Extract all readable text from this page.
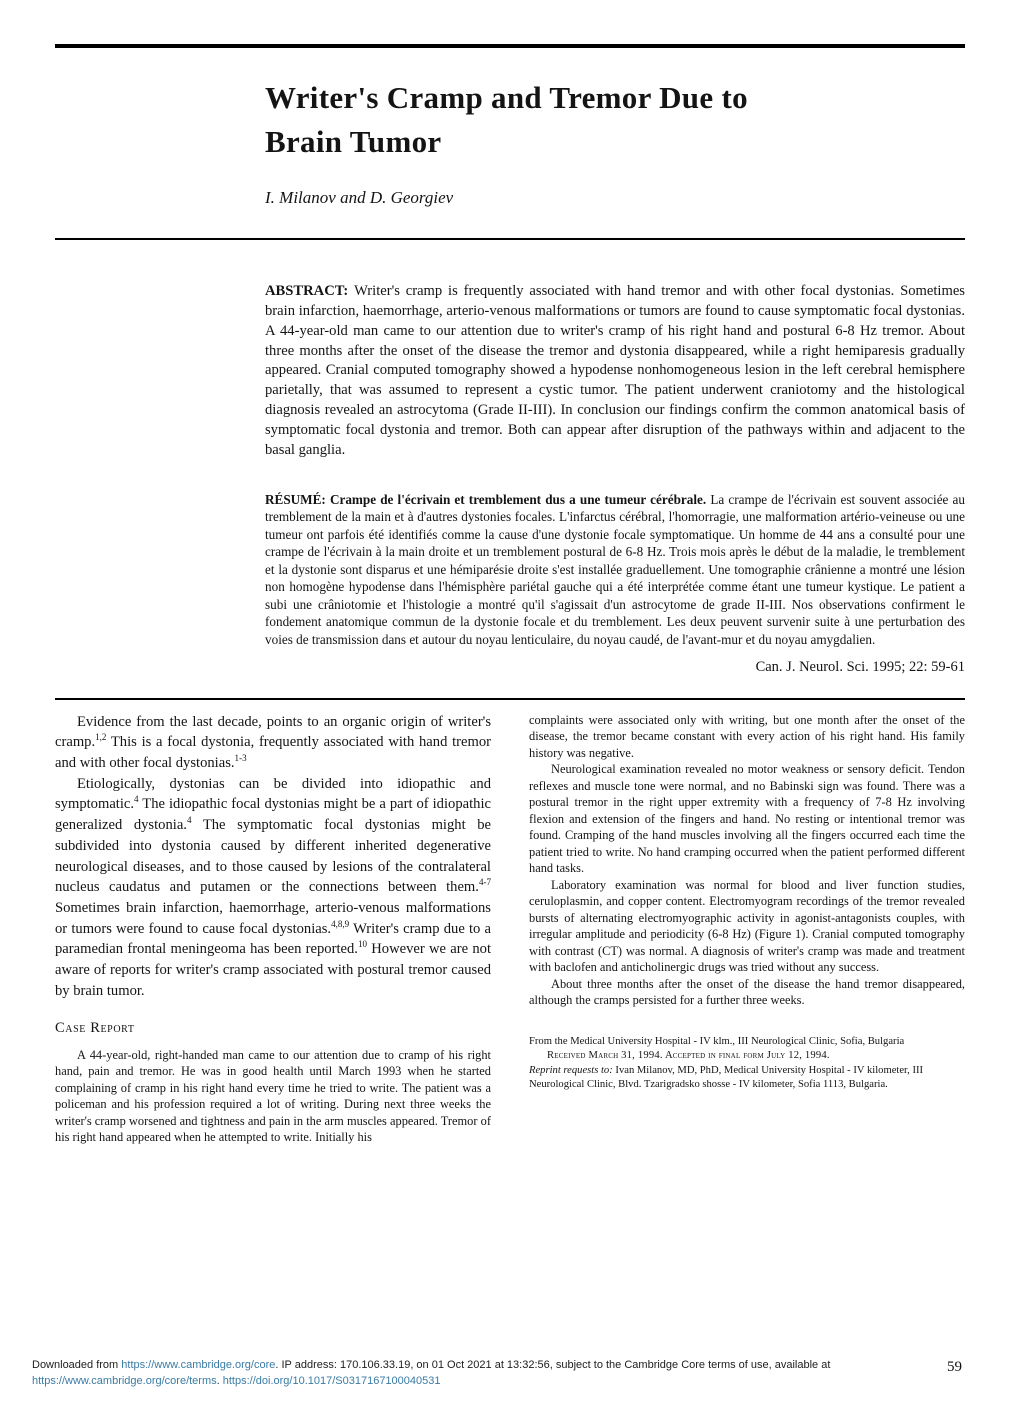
Writer's Cramp and Tremor Due to
Brain Tumor
I. Milanov and D. Georgiev

ABSTRACT: Writer's cramp is frequently associated with hand tremor and with other focal dystonias. Sometimes brain infarction, haemorrhage, arterio-venous malformations or tumors are found to cause symptomatic focal dystonias. A 44-year-old man came to our attention due to writer's cramp of his right hand and postural 6-8 Hz tremor. About three months after the onset of the disease the tremor and dystonia disappeared, while a right hemiparesis gradually appeared. Cranial computed tomography showed a hypodense nonhomogeneous lesion in the left cerebral hemisphere parietally, that was assumed to represent a cystic tumor. The patient underwent craniotomy and the histological diagnosis revealed an astrocytoma (Grade II-III). In conclusion our findings confirm the common anatomical basis of symptomatic focal dystonia and tremor. Both can appear after disruption of the pathways within and adjacent to the basal ganglia.

RÉSUMÉ: Crampe de l'écrivain et tremblement dus a une tumeur cérébrale. La crampe de l'écrivain est souvent associée au tremblement de la main et à d'autres dystonies focales. L'infarctus cérébral, l'homorragie, une malformation artério-veineuse ou une tumeur ont parfois été identifiés comme la cause d'une dystonie focale symptomatique. Un homme de 44 ans a consulté pour une crampe de l'écrivain à la main droite et un tremblement postural de 6-8 Hz. Trois mois après le début de la maladie, le tremblement et la dystonie sont disparus et une hémiparésie droite s'est installée graduellement. Une tomographie crânienne a montré une lésion non homogène hypodense dans l'hémisphère pariétal gauche qui a été interprétée comme étant une tumeur kystique. Le patient a subi une crâniotomie et l'histologie a montré qu'il s'agissait d'un astrocytome de grade II-III. Nos observations confirment le fondement anatomique commun de la dystonie focale et du tremblement. Les deux peuvent survenir suite à une perturbation des voies de transmission dans et autour du noyau lenticulaire, du noyau caudé, de l'avant-mur et du noyau amygdalien.

Can. J. Neurol. Sci. 1995; 22: 59-61

Evidence from the last decade, points to an organic origin of writer's cramp.$^{1,2}$ This is a focal dystonia, frequently associated with hand tremor and with other focal dystonias.$^{1-3}$

Etiologically, dystonias can be divided into idiopathic and symptomatic.$^4$ The idiopathic focal dystonias might be a part of idiopathic generalized dystonia.$^4$ The symptomatic focal dystonias might be subdivided into dystonia caused by different inherited degenerative neurological diseases, and to those caused by lesions of the contralateral nucleus caudatus and putamen or the connections between them.$^{4-7}$ Sometimes brain infarction, haemorrhage, arterio-venous malformations or tumors were found to cause focal dystonias.$^{4,8,9}$ Writer's cramp due to a paramedian frontal meningeoma has been reported.$^{10}$ However we are not aware of reports for writer's cramp associated with postural tremor caused by brain tumor.

Case Report

A 44-year-old, right-handed man came to our attention due to cramp of his right hand, pain and tremor. He was in good health until March 1993 when he started complaining of cramp in his right hand every time he tried to write. The patient was a policeman and his profession required a lot of writing. During next three weeks the writer's cramp worsened and tightness and pain in the arm muscles appeared. Tremor of his right hand appeared when he attempted to write. Initially his

complaints were associated only with writing, but one month after the onset of the disease, the tremor became constant with every action of his right hand. His family history was negative.

Neurological examination revealed no motor weakness or sensory deficit. Tendon reflexes and muscle tone were normal, and no Babinski sign was found. There was a postural tremor in the right upper extremity with a frequency of 7-8 Hz involving flexion and extension of the fingers and hand. No resting or intentional tremor was found. Cramping of the hand muscles involving all the fingers occurred each time the patient tried to write. No hand cramping occurred when the patient performed different hand tasks.

Laboratory examination was normal for blood and liver function studies, ceruloplasmin, and copper content. Electromyogram recordings of the tremor revealed bursts of alternating electromyographic activity in agonist-antagonists couples, with irregular amplitude and periodicity (6-8 Hz) (Figure 1). Cranial computed tomography with contrast (CT) was normal. A diagnosis of writer's cramp was made and treatment with baclofen and anticholinergic drugs was tried without any success.

About three months after the onset of the disease the hand tremor disappeared, although the cramps persisted for a further three weeks.

From the Medical University Hospital - IV klm., III Neurological Clinic, Sofia, Bulgaria

Received March 31, 1994. Accepted in final form July 12, 1994.

Reprint requests to: Ivan Milanov, MD, PhD, Medical University Hospital - IV kilometer, III Neurological Clinic, Blvd. Tzarigradsko shosse - IV kilometer, Sofia 1113, Bulgaria.

Downloaded from https://www.cambridge.org/core. IP address: 170.106.33.19, on 01 Oct 2021 at 13:32:56, subject to the Cambridge Core terms of use, available at
https://www.cambridge.org/core/terms. https://doi.org/10.1017/S0317167100040531
59
